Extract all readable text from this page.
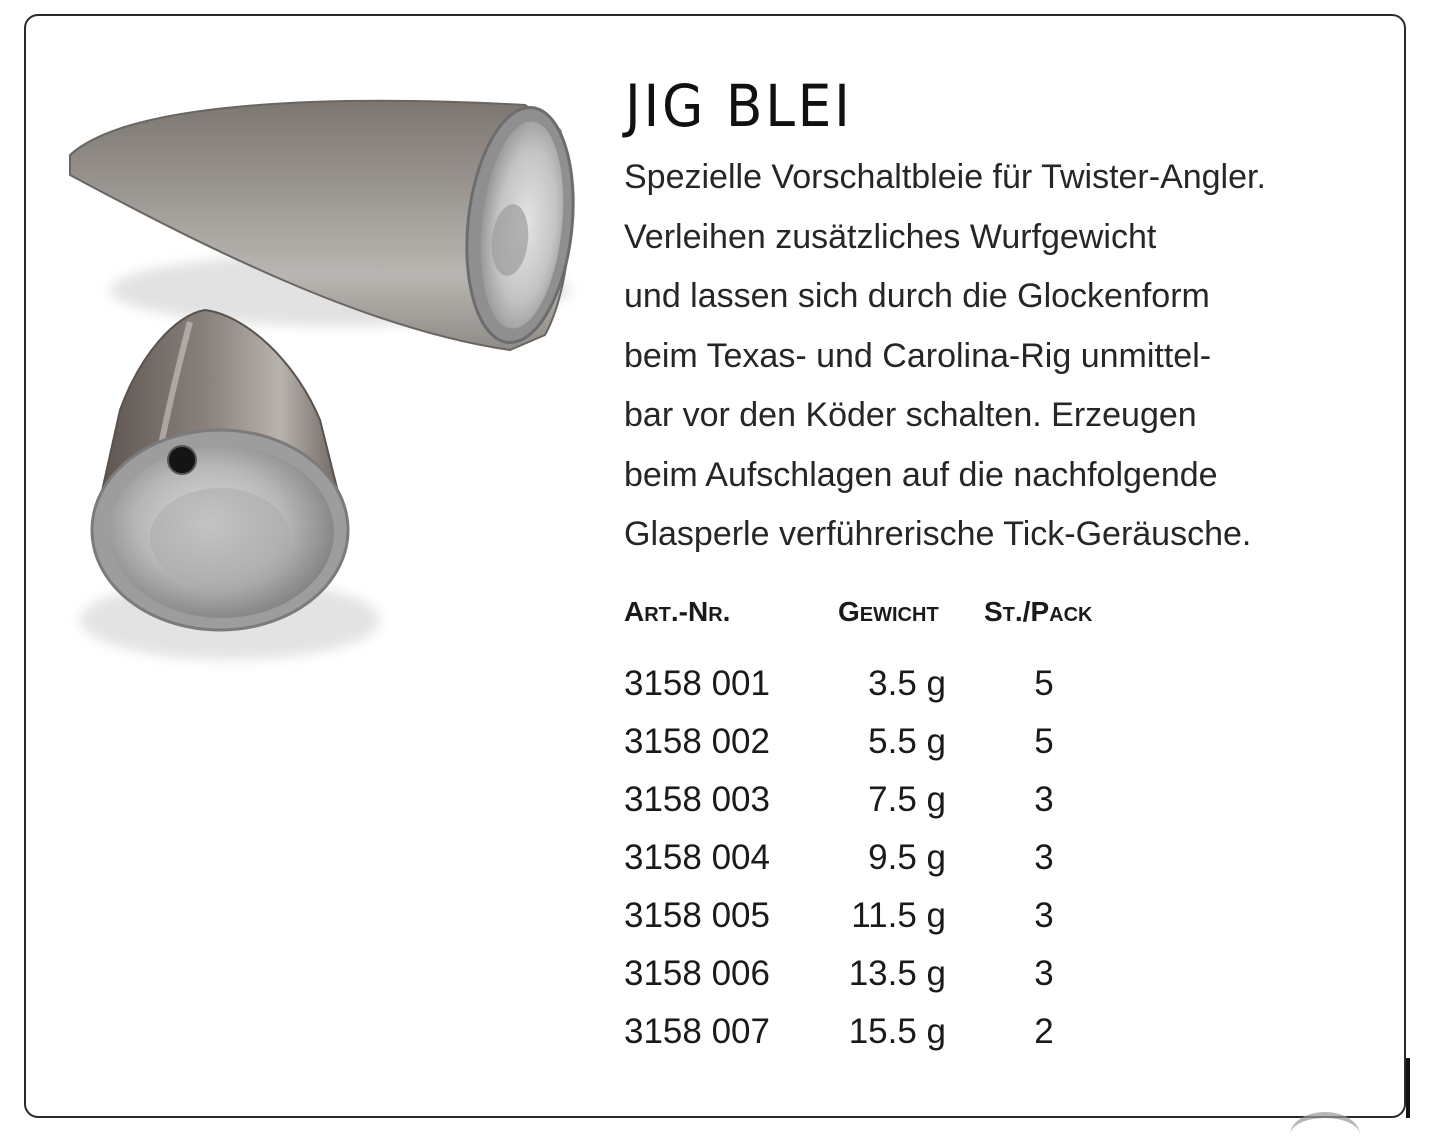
JIG BLEI
Spezielle Vorschaltbleie für Twister-Angler.
Verleihen zusätzliches Wurfgewicht
und lassen sich durch die Glockenform
beim Texas- und Carolina-Rig unmittel-
bar vor den Köder schalten. Erzeugen
beim Aufschlagen auf die nachfolgende
Glasperle verführerische Tick-Geräusche.
Art.-Nr.	Gewicht St./Pack
3158 001	3.5 g	5
3158 002	5.5 g	5
3158 003	7.5 g	3
3158 004	9.5 g	3
3158 005	11.5 g	3
3158 006	13.5 g	3
3158 007	15.5 g	2
